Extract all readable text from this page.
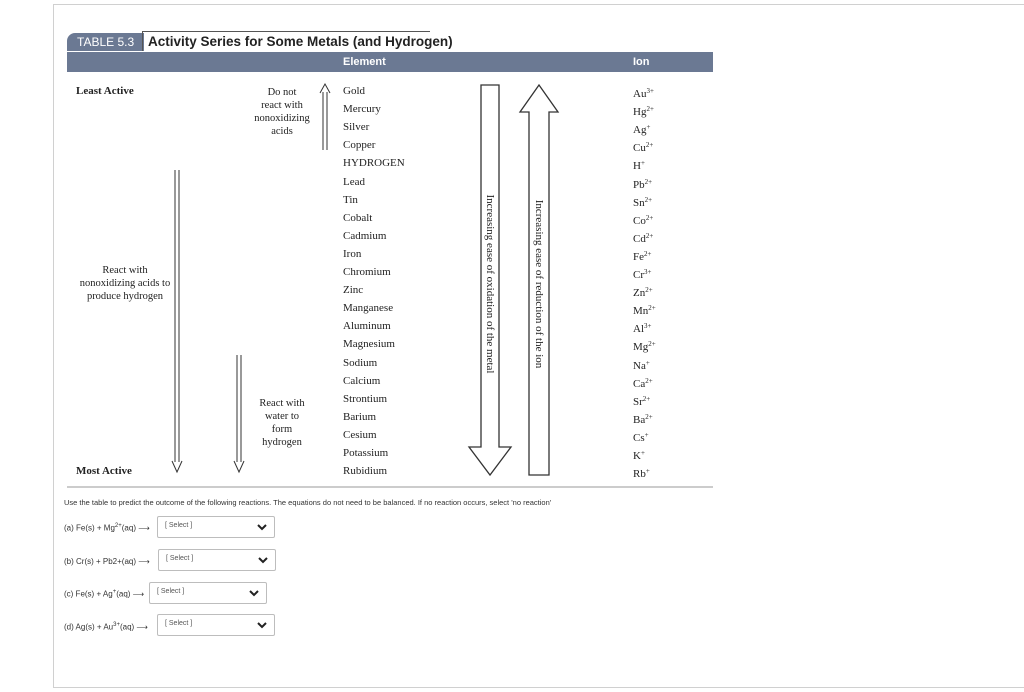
TABLE 5.3	Activity Series for Some Metals (and Hydrogen)
Element	Ion
Least Active
Most Active
Do not
react with
nonoxidizing
acids
React with
nonoxidizing acids to
produce hydrogen
React with
water to
form
hydrogen
Increasing ease of oxidation of the metal	Increasing ease of reduction of the ion
Gold	$Au^{3+}$
Mercury	$Hg^{2+}$
Silver	Ag+
Copper	$Cu^{2+}$
HYDROGEN	H+
Lead	$Pb^{2+}$
Tin	$Sn^{2+}$
Cobalt	$Co^{2+}$
Cadmium	$Cd^{2+}$
Iron	$Fe^{2+}$
Chromium	$Cr^{3+}$
Zinc	$Zn^{2+}$
Manganese	$Mn^{2+}$
Aluminum	$Al^{3+}$
Magnesium	$Mg^{2+}$
Sodium	Na+
Calcium	$Ca^{2+}$
Strontium	$Sr^{2+}$
Barium	$Ba^{2+}$
Cesium	Cs+
Potassium	K+
Rubidium	Rb+
Use the table to predict the outcome of the following reactions. The equations do not need to be balanced. If no reaction occurs, select 'no reaction'
(a) $Fe(s) + Mg^{2+}(aq)$ ⟶ [ Select ]
(b) Cr(s) + Pb2+(aq) ⟶ [ Select ]
(c) Fe(s) + Ag+(aq) ⟶ [ Select ]
(d) $Ag(s) + Au^{3+}(aq)$ ⟶ [ Select ]
